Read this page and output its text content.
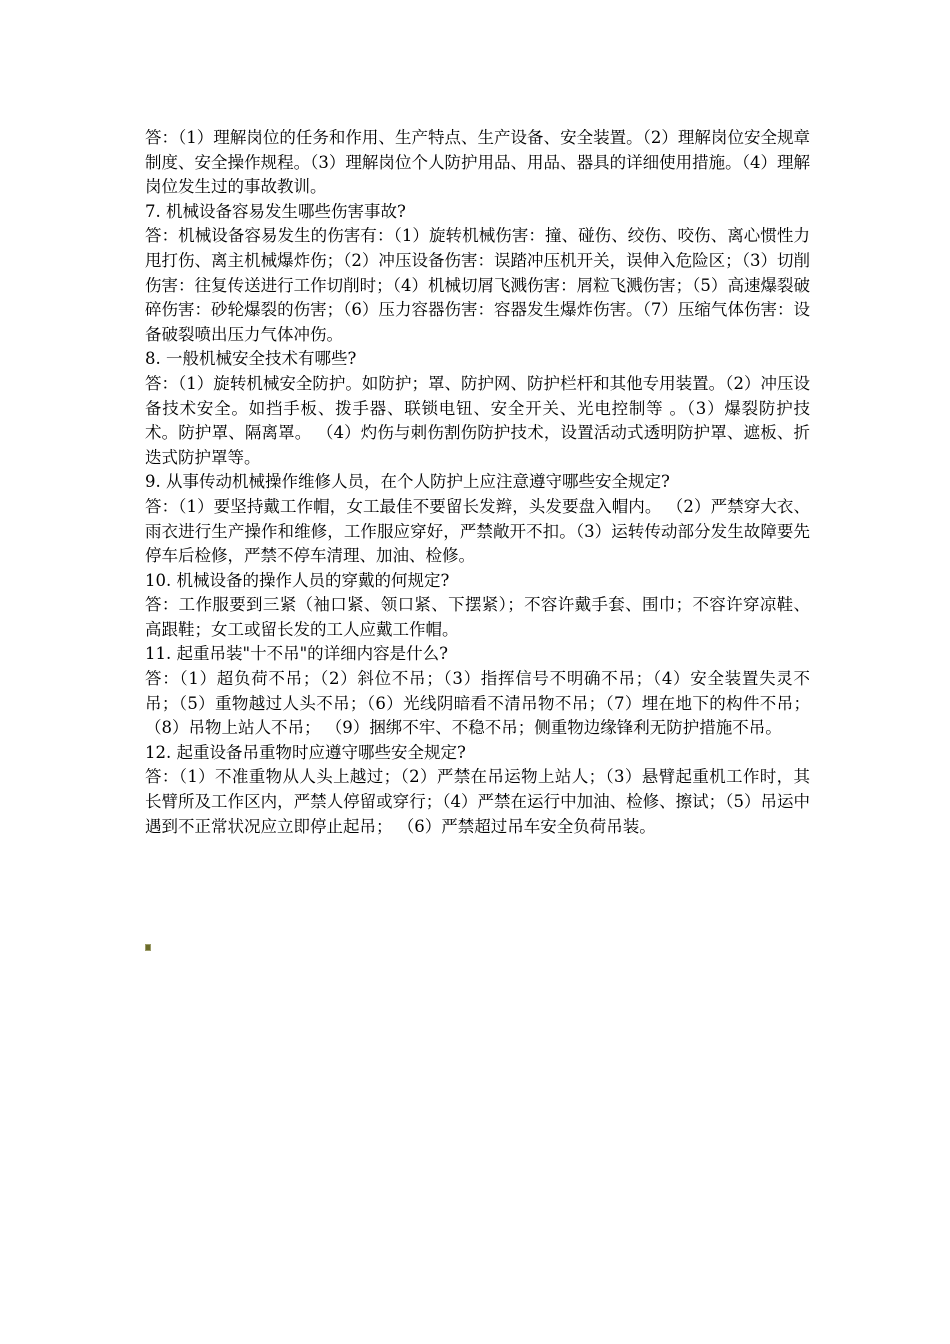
答：（1）理解岗位的任务和作用、生产特点、生产设备、安全装置。（2）理解岗位安全规章制度、安全操作规程。（3）理解岗位个人防护用品、用品、器具的详细使用措施。（4）理解岗位发生过的事故教训。

7. 机械设备容易发生哪些伤害事故?

答：机械设备容易发生的伤害有：（1）旋转机械伤害：撞、碰伤、绞伤、咬伤、离心惯性力甩打伤、离主机械爆炸伤；（2）冲压设备伤害：误踏冲压机开关，误伸入危险区；（3）切削伤害：往复传送进行工作切削时；（4）机械切屑飞溅伤害：屑粒飞溅伤害；（5）高速爆裂破碎伤害：砂轮爆裂的伤害；（6）压力容器伤害：容器发生爆炸伤害。（7）压缩气体伤害：设备破裂喷出压力气体冲伤。

8. 一般机械安全技术有哪些?

答：（1）旋转机械安全防护。如防护；罩、防护网、防护栏杆和其他专用装置。（2）冲压设备技术安全。如挡手板、拨手器、联锁电钮、安全开关、光电控制等 。（3）爆裂防护技术。防护罩、隔离罩。 （4）灼伤与刺伤割伤防护技术，设置活动式透明防护罩、遮板、折迭式防护罩等。

9. 从事传动机械操作维修人员，在个人防护上应注意遵守哪些安全规定?

答：（1）要坚持戴工作帽，女工最佳不要留长发辫，头发要盘入帽内。 （2）严禁穿大衣、雨衣进行生产操作和维修，工作服应穿好，严禁敞开不扣。（3）运转传动部分发生故障要先停车后检修，严禁不停车清理、加油、检修。

10. 机械设备的操作人员的穿戴的何规定?

答：工作服要到三紧（袖口紧、领口紧、下摆紧）；不容许戴手套、围巾；不容许穿凉鞋、高跟鞋；女工或留长发的工人应戴工作帽。

11. 起重吊装"十不吊"的详细内容是什么?

答：（1）超负荷不吊；（2）斜位不吊；（3）指挥信号不明确不吊；（4）安全装置失灵不吊；（5）重物越过人头不吊；（6）光线阴暗看不清吊物不吊；（7）埋在地下的构件不吊；（8）吊物上站人不吊； （9）捆绑不牢、不稳不吊；侧重物边缘锋利无防护措施不吊。

12. 起重设备吊重物时应遵守哪些安全规定?

答：（1）不准重物从人头上越过；（2）严禁在吊运物上站人；（3）悬臂起重机工作时，其长臂所及工作区内，严禁人停留或穿行；（4）严禁在运行中加油、检修、擦试；（5）吊运中遇到不正常状况应立即停止起吊； （6）严禁超过吊车安全负荷吊装。
